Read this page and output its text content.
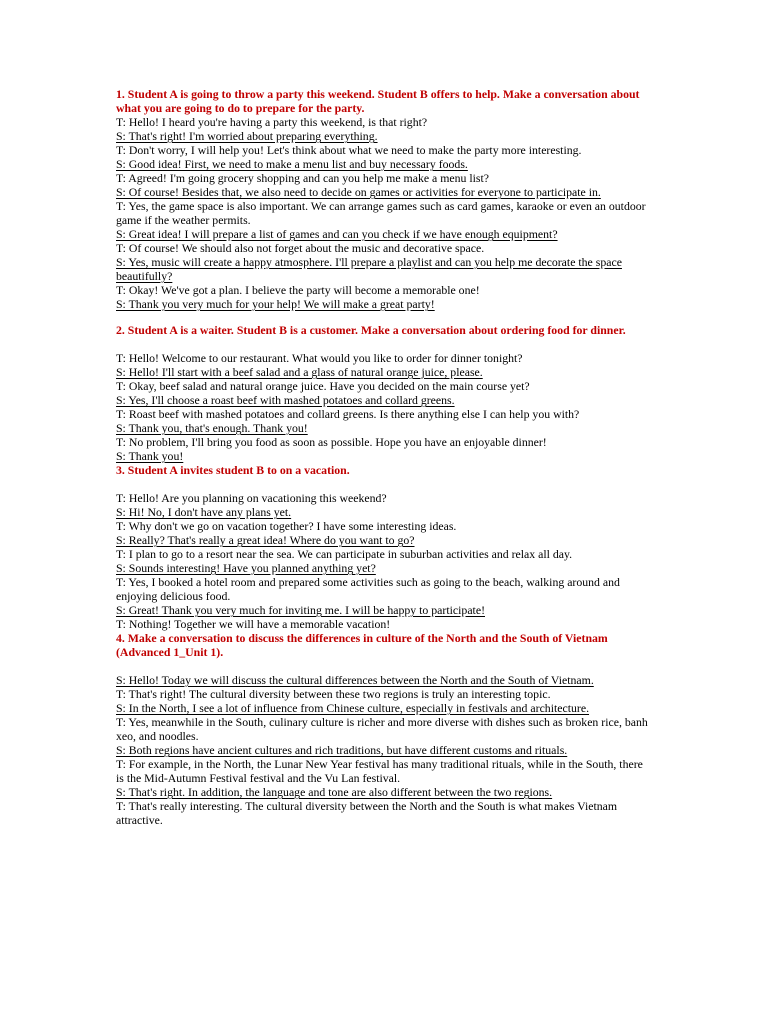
1. Student A is going to throw a party this weekend. Student B offers to help. Make a conversation about what you are going to do to prepare for the party.

T: Hello! I heard you're having a party this weekend, is that right?

S: That's right! I'm worried about preparing everything.

T: Don't worry, I will help you! Let's think about what we need to make the party more interesting.

S: Good idea! First, we need to make a menu list and buy necessary foods.

T: Agreed! I'm going grocery shopping and can you help me make a menu list?

S: Of course! Besides that, we also need to decide on games or activities for everyone to participate in.

T: Yes, the game space is also important. We can arrange games such as card games, karaoke or even an outdoor game if the weather permits.

S: Great idea! I will prepare a list of games and can you check if we have enough equipment?

T: Of course! We should also not forget about the music and decorative space.

S: Yes, music will create a happy atmosphere. I'll prepare a playlist and can you help me decorate the space beautifully?

T: Okay! We've got a plan. I believe the party will become a memorable one!

S: Thank you very much for your help! We will make a great party!

2. Student A is a waiter. Student B is a customer. Make a conversation about ordering food for dinner.

T: Hello! Welcome to our restaurant. What would you like to order for dinner tonight?

S: Hello! I'll start with a beef salad and a glass of natural orange juice, please.

T: Okay, beef salad and natural orange juice. Have you decided on the main course yet?

S: Yes, I'll choose a roast beef with mashed potatoes and collard greens.

T: Roast beef with mashed potatoes and collard greens. Is there anything else I can help you with?

S: Thank you, that's enough. Thank you!

T: No problem, I'll bring you food as soon as possible. Hope you have an enjoyable dinner!

S: Thank you!

3. Student A invites student B to on a vacation.

T: Hello! Are you planning on vacationing this weekend?

S: Hi! No, I don't have any plans yet.

T: Why don't we go on vacation together? I have some interesting ideas.

S: Really? That's really a great idea! Where do you want to go?

T: I plan to go to a resort near the sea. We can participate in suburban activities and relax all day.

S: Sounds interesting! Have you planned anything yet?

T: Yes, I booked a hotel room and prepared some activities such as going to the beach, walking around and enjoying delicious food.

S: Great! Thank you very much for inviting me. I will be happy to participate!

T: Nothing! Together we will have a memorable vacation!

4. Make a conversation to discuss the differences in culture of the North and the South of Vietnam (Advanced 1_Unit 1).

S: Hello! Today we will discuss the cultural differences between the North and the South of Vietnam.

T: That's right! The cultural diversity between these two regions is truly an interesting topic.

S: In the North, I see a lot of influence from Chinese culture, especially in festivals and architecture.

T: Yes, meanwhile in the South, culinary culture is richer and more diverse with dishes such as broken rice, banh xeo, and noodles.

S: Both regions have ancient cultures and rich traditions, but have different customs and rituals.

T: For example, in the North, the Lunar New Year festival has many traditional rituals, while in the South, there is the Mid-Autumn Festival festival and the Vu Lan festival.

S: That's right. In addition, the language and tone are also different between the two regions.

T: That's really interesting. The cultural diversity between the North and the South is what makes Vietnam attractive.
